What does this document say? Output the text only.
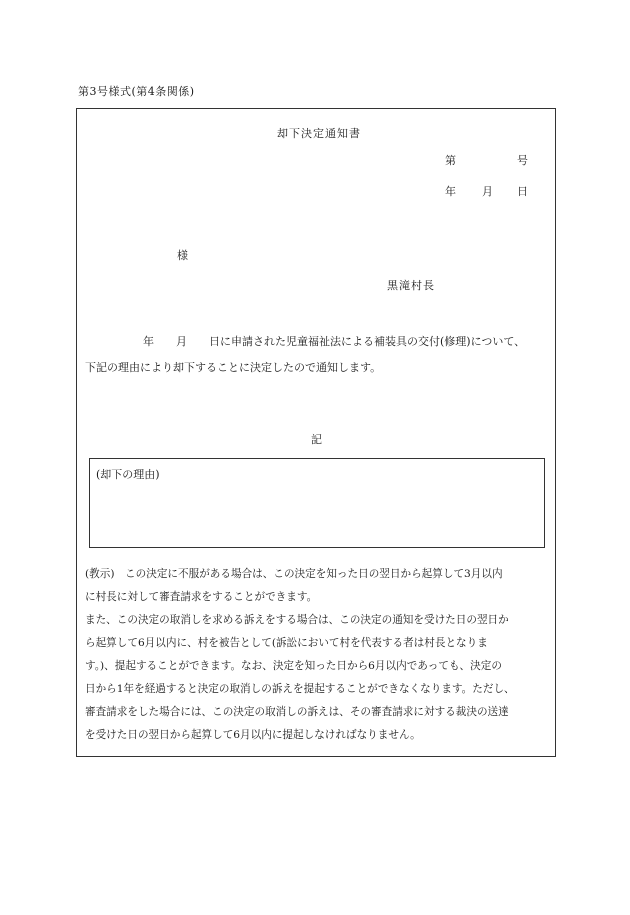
第3号様式(第4条関係)
却下決定通知書
第	号
年 月 日
様
黒滝村長
年 月 日に申請された児童福祉法による補装具の交付(修理)について、
下記の理由により却下することに決定したので通知します。
記
(却下の理由)
(教示)　この決定に不服がある場合は、この決定を知った日の翌日から起算して3月以内
に村長に対して審査請求をすることができます。
また、この決定の取消しを求める訴えをする場合は、この決定の通知を受けた日の翌日か
ら起算して6月以内に、村を被告として(訴訟において村を代表する者は村長となりま
す。)、提起することができます。なお、決定を知った日から6月以内であっても、決定の
日から1年を経過すると決定の取消しの訴えを提起することができなくなります。ただし、
審査請求をした場合には、この決定の取消しの訴えは、その審査請求に対する裁決の送達
を受けた日の翌日から起算して6月以内に提起しなければなりません。
